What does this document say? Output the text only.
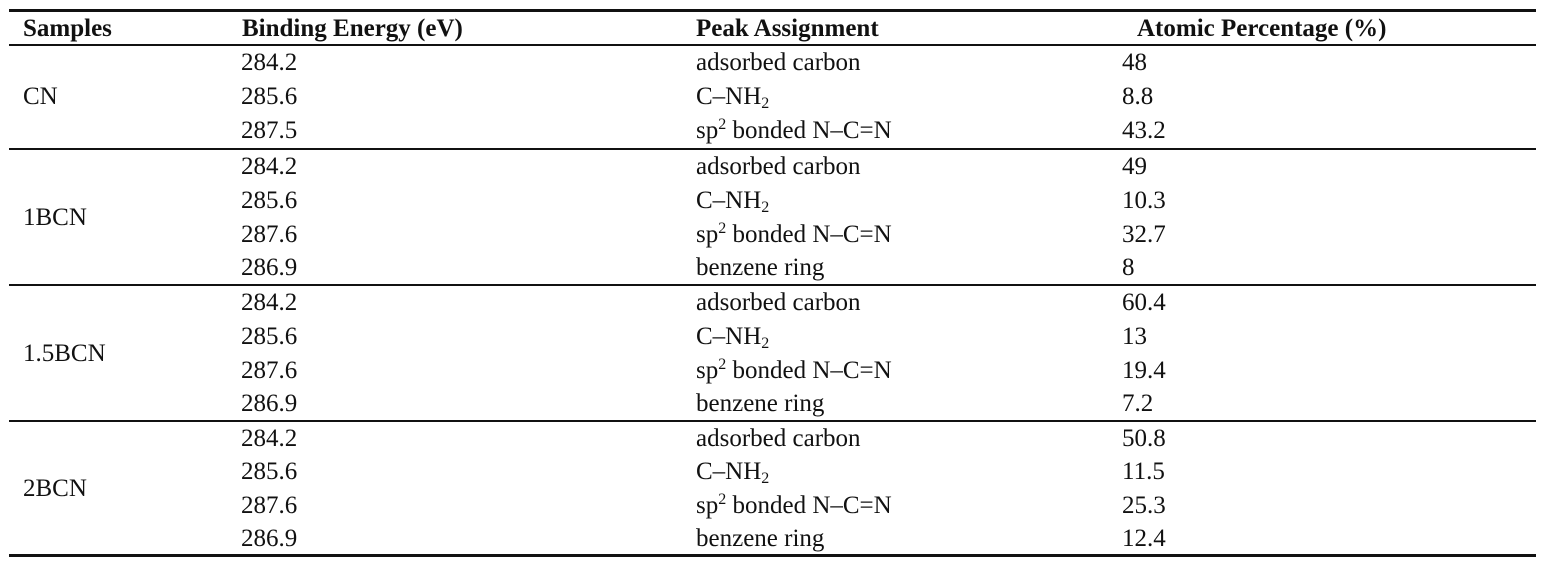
Samples	Binding Energy (eV)	Peak Assignment	Atomic Percentage (%)
CN
284.2	adsorbed carbon	48
285.6	$C-NH_2$	8.8
287.5	$sp^2$ bonded N–C=N	43.2
1BCN
284.2	adsorbed carbon	49
285.6	$C-NH_2$	10.3
287.6	$sp^2$ bonded N–C=N	32.7
286.9	benzene ring	8
1.5BCN
284.2	adsorbed carbon	60.4
285.6	$C-NH_2$	13
287.6	$sp^2$ bonded N–C=N	19.4
286.9	benzene ring	7.2
2BCN
284.2	adsorbed carbon	50.8
285.6	$C-NH_2$	11.5
287.6	$sp^2$ bonded N–C=N	25.3
286.9	benzene ring	12.4
